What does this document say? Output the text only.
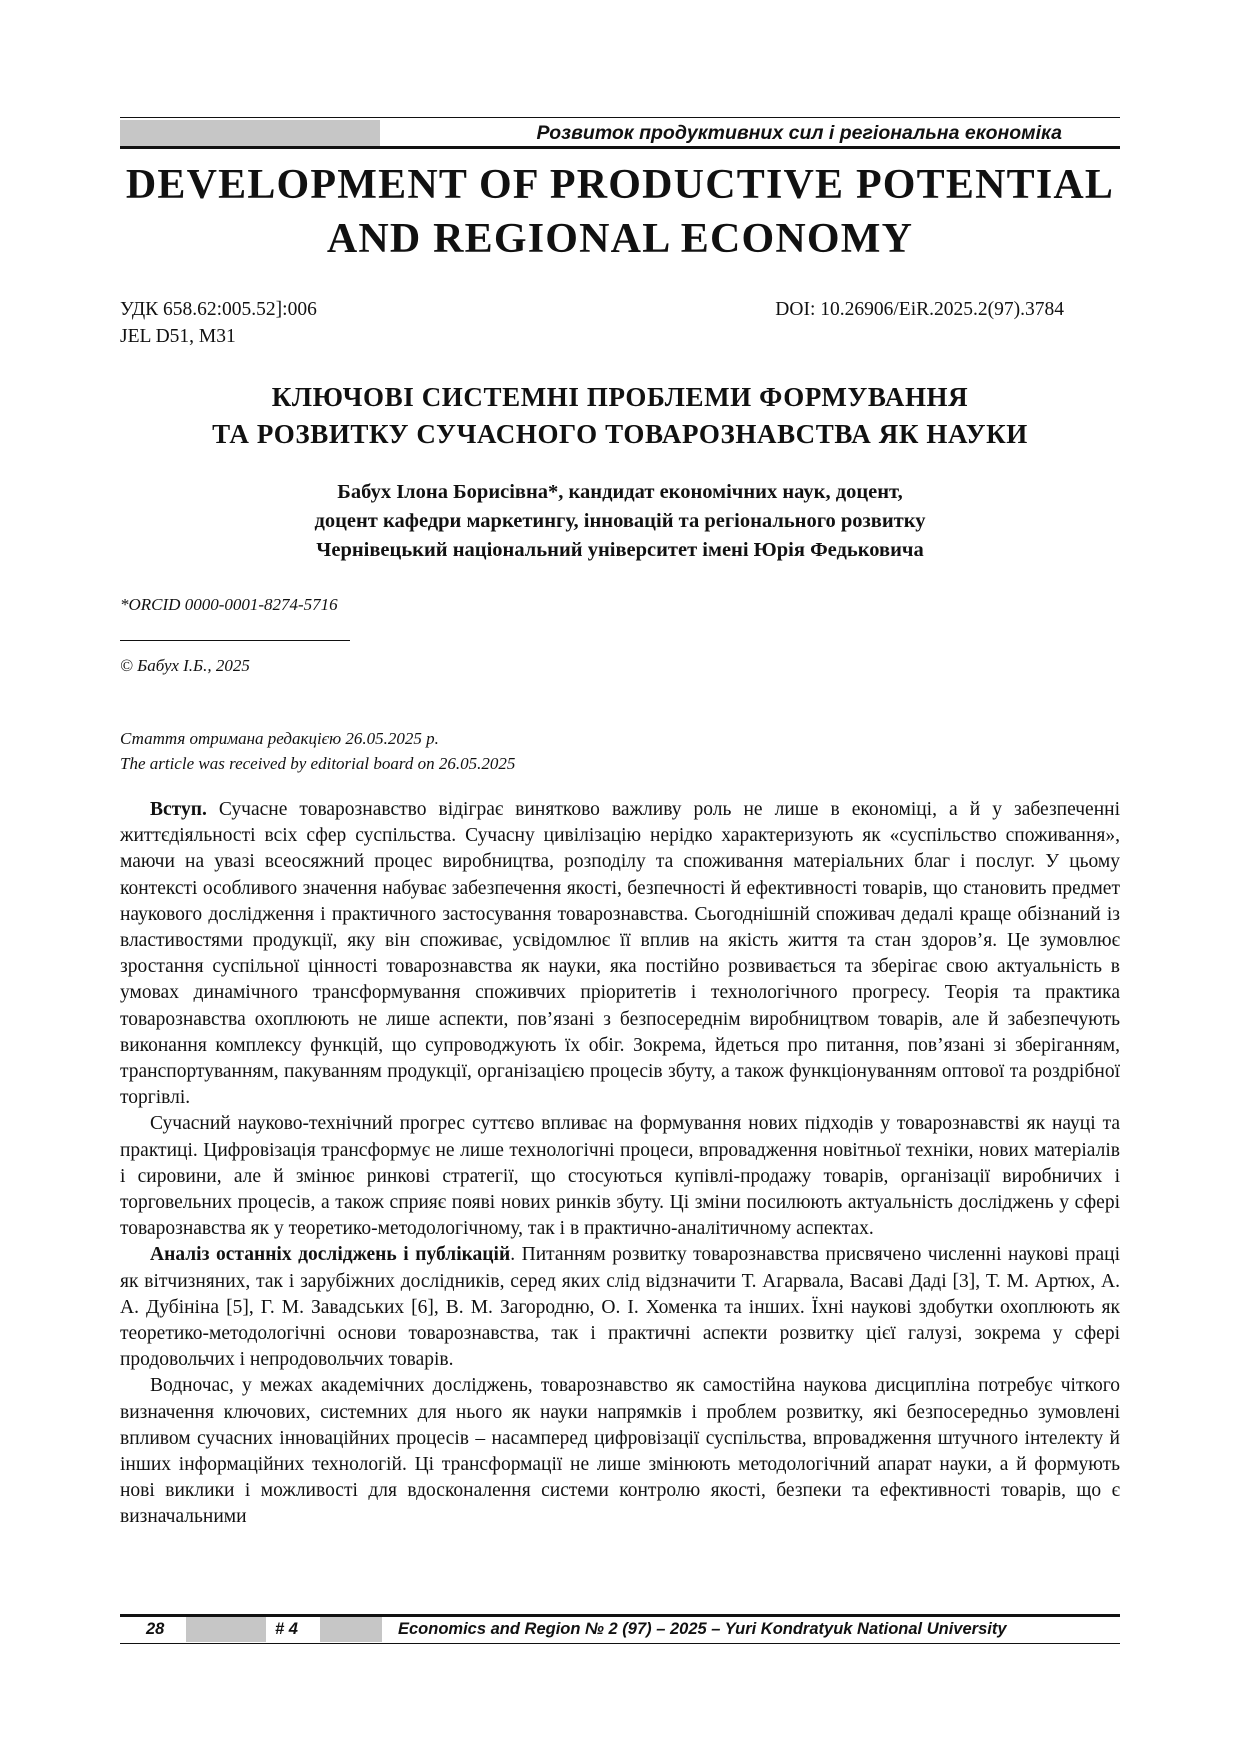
Розвиток продуктивних сил і регіональна економіка
DEVELOPMENT OF PRODUCTIVE POTENTIAL
AND REGIONAL ECONOMY
УДК 658.62:005.52]:006
JEL D51, M31
DOI: 10.26906/EiR.2025.2(97).3784
КЛЮЧОВІ СИСТЕМНІ ПРОБЛЕМИ ФОРМУВАННЯ
ТА РОЗВИТКУ СУЧАСНОГО ТОВАРОЗНАВСТВА ЯК НАУКИ
Бабух Ілона Борисівна*, кандидат економічних наук, доцент,
доцент кафедри маркетингу, інновацій та регіонального розвитку
Чернівецький національний університет імені Юрія Федьковича
*ORCID 0000-0001-8274-5716
© Бабух І.Б., 2025
Стаття отримана редакцією 26.05.2025 р.
The article was received by editorial board on 26.05.2025

Вступ. Сучасне товарознавство відіграє винятково важливу роль не лише в економіці, а й у забезпеченні життєдіяльності всіх сфер суспільства. Сучасну цивілізацію нерідко характеризують як «суспільство споживання», маючи на увазі всеосяжний процес виробництва, розподілу та споживання матеріальних благ і послуг. У цьому контексті особливого значення набуває забезпечення якості, безпечності й ефективності товарів, що становить предмет наукового дослідження і практичного застосування товарознавства. Сьогоднішній споживач дедалі краще обізнаний із властивостями продукції, яку він споживає, усвідомлює її вплив на якість життя та стан здоров’я. Це зумовлює зростання суспільної цінності товарознавства як науки, яка постійно розвивається та зберігає свою актуальність в умовах динамічного трансформування споживчих пріоритетів і технологічного прогресу. Теорія та практика товарознавства охоплюють не лише аспекти, пов’язані з безпосереднім виробництвом товарів, але й забезпечують виконання комплексу функцій, що супроводжують їх обіг. Зокрема, йдеться про питання, пов’язані зі зберіганням, транспортуванням, пакуванням продукції, організацією процесів збуту, а також функціонуванням оптової та роздрібної торгівлі.

Сучасний науково-технічний прогрес суттєво впливає на формування нових підходів у товарознавстві як науці та практиці. Цифровізація трансформує не лише технологічні процеси, впровадження новітньої техніки, нових матеріалів і сировини, але й змінює ринкові стратегії, що стосуються купівлі-продажу товарів, організації виробничих і торговельних процесів, а також сприяє появі нових ринків збуту. Ці зміни посилюють актуальність досліджень у сфері товарознавства як у теоретико-методологічному, так і в практично-аналітичному аспектах.

Аналіз останніх досліджень і публікацій. Питанням розвитку товарознавства присвячено численні наукові праці як вітчизняних, так і зарубіжних дослідників, серед яких слід відзначити Т. Агарвала, Васаві Даді [3], Т. М. Артюх, А. А. Дубініна [5], Г. М. Завадських [6], В. М. Загородню, О. І. Хоменка та інших. Їхні наукові здобутки охоплюють як теоретико-методологічні основи товарознавства, так і практичні аспекти розвитку цієї галузі, зокрема у сфері продовольчих і непродовольчих товарів.

Водночас, у межах академічних досліджень, товарознавство як самостійна наукова дисципліна потребує чіткого визначення ключових, системних для нього як науки напрямків і проблем розвитку, які безпосередньо зумовлені впливом сучасних інноваційних процесів – насамперед цифровізації суспільства, впровадження штучного інтелекту й інших інформаційних технологій. Ці трансформації не лише змінюють методологічний апарат науки, а й формують нові виклики і можливості для вдосконалення системи контролю якості, безпеки та ефективності товарів, що є визначальними

28	# 4	Economics and Region № 2 (97) – 2025 – Yuri Kondratyuk National University
